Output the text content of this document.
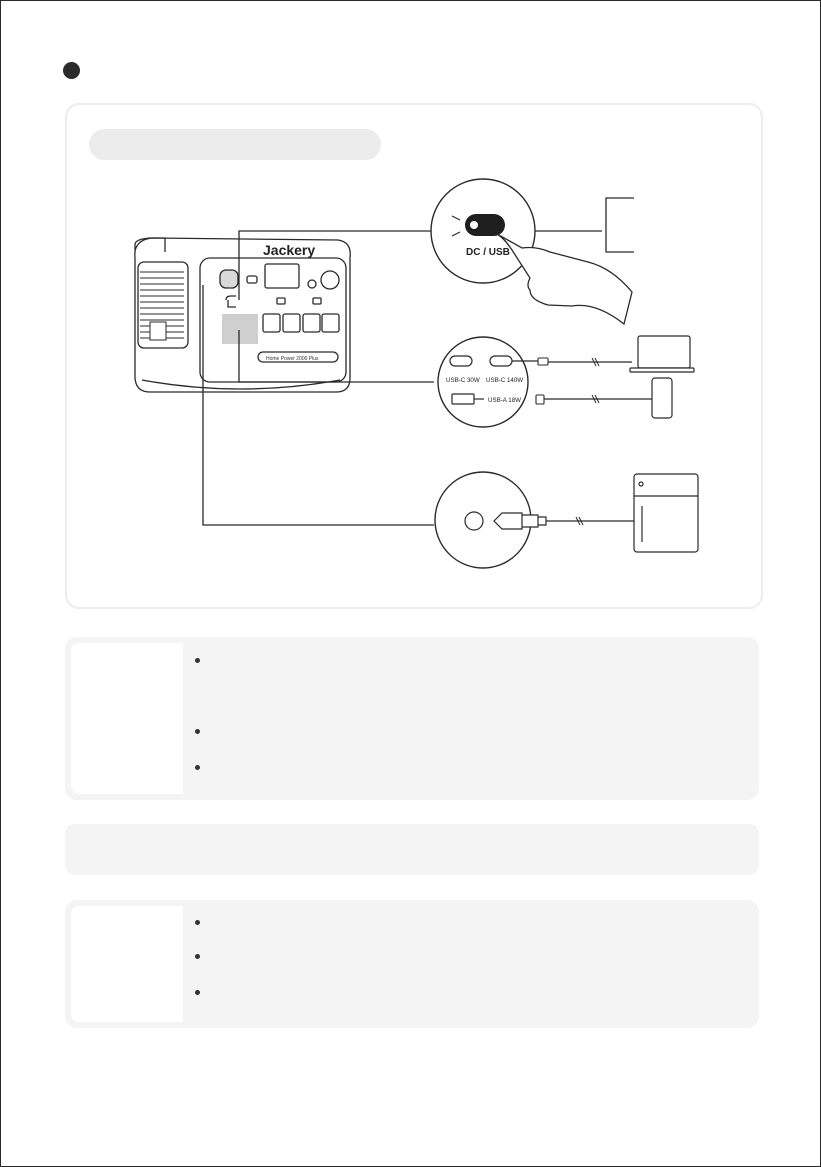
Jackery
Home Power 2000 Plus
DC / USB
USB-C 30W USB-C 140W
USB-A 18W
